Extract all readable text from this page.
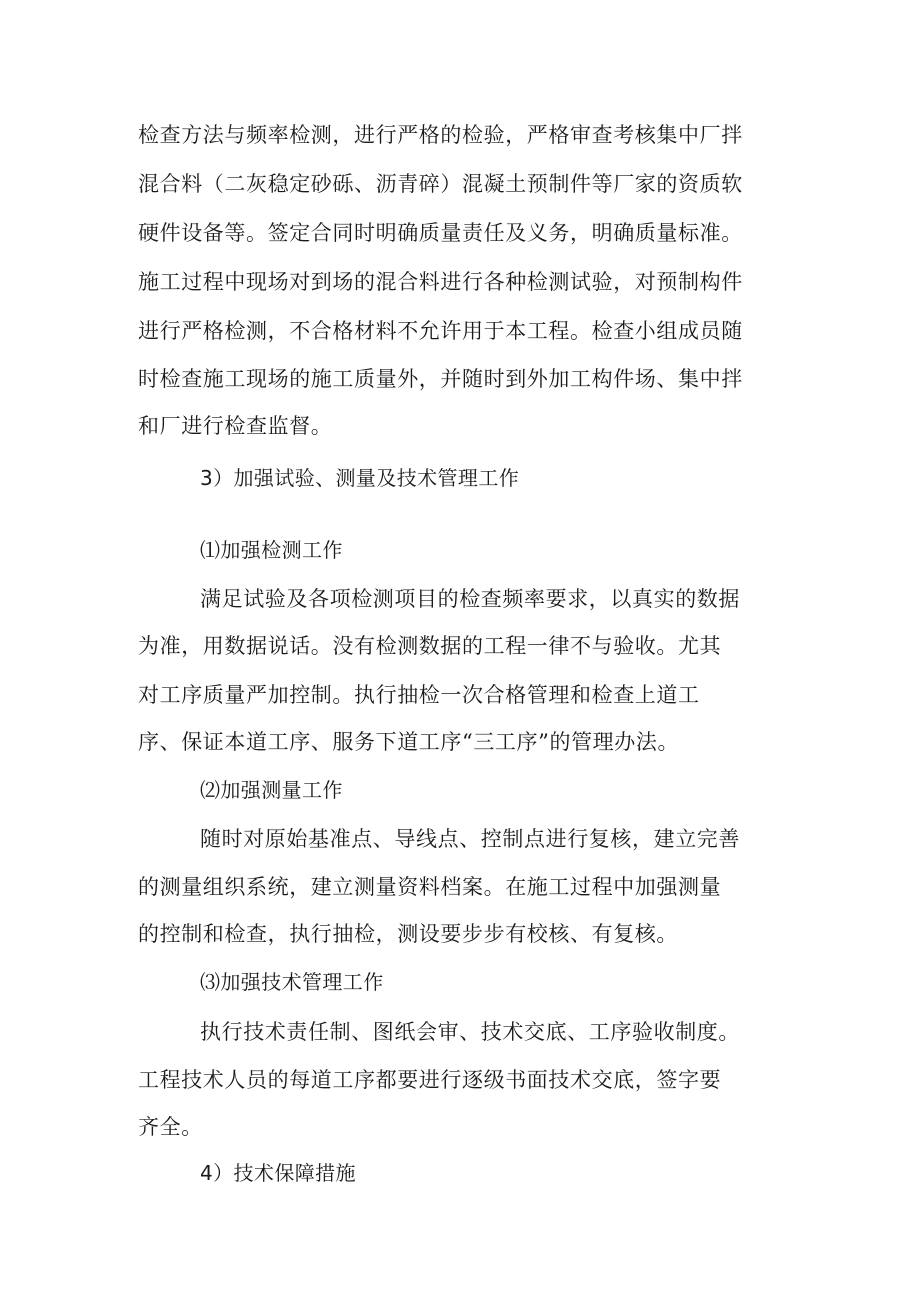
检查方法与频率检测，进行严格的检验，严格审查考核集中厂拌
混合料（二灰稳定砂砾、沥青碎）混凝土预制件等厂家的资质软
硬件设备等。签定合同时明确质量责任及义务，明确质量标准。
施工过程中现场对到场的混合料进行各种检测试验，对预制构件
进行严格检测，不合格材料不允许用于本工程。检查小组成员随
时检查施工现场的施工质量外，并随时到外加工构件场、集中拌
和厂进行检查监督。
3）加强试验、测量及技术管理工作
⑴加强检测工作
满足试验及各项检测项目的检查频率要求，以真实的数据
为准，用数据说话。没有检测数据的工程一律不与验收。尤其
对工序质量严加控制。执行抽检一次合格管理和检查上道工
序、保证本道工序、服务下道工序“三工序”的管理办法。
⑵加强测量工作
随时对原始基准点、导线点、控制点进行复核，建立完善
的测量组织系统，建立测量资料档案。在施工过程中加强测量
的控制和检查，执行抽检，测设要步步有校核、有复核。
⑶加强技术管理工作
执行技术责任制、图纸会审、技术交底、工序验收制度。
工程技术人员的每道工序都要进行逐级书面技术交底，签字要
齐全。
4）技术保障措施
